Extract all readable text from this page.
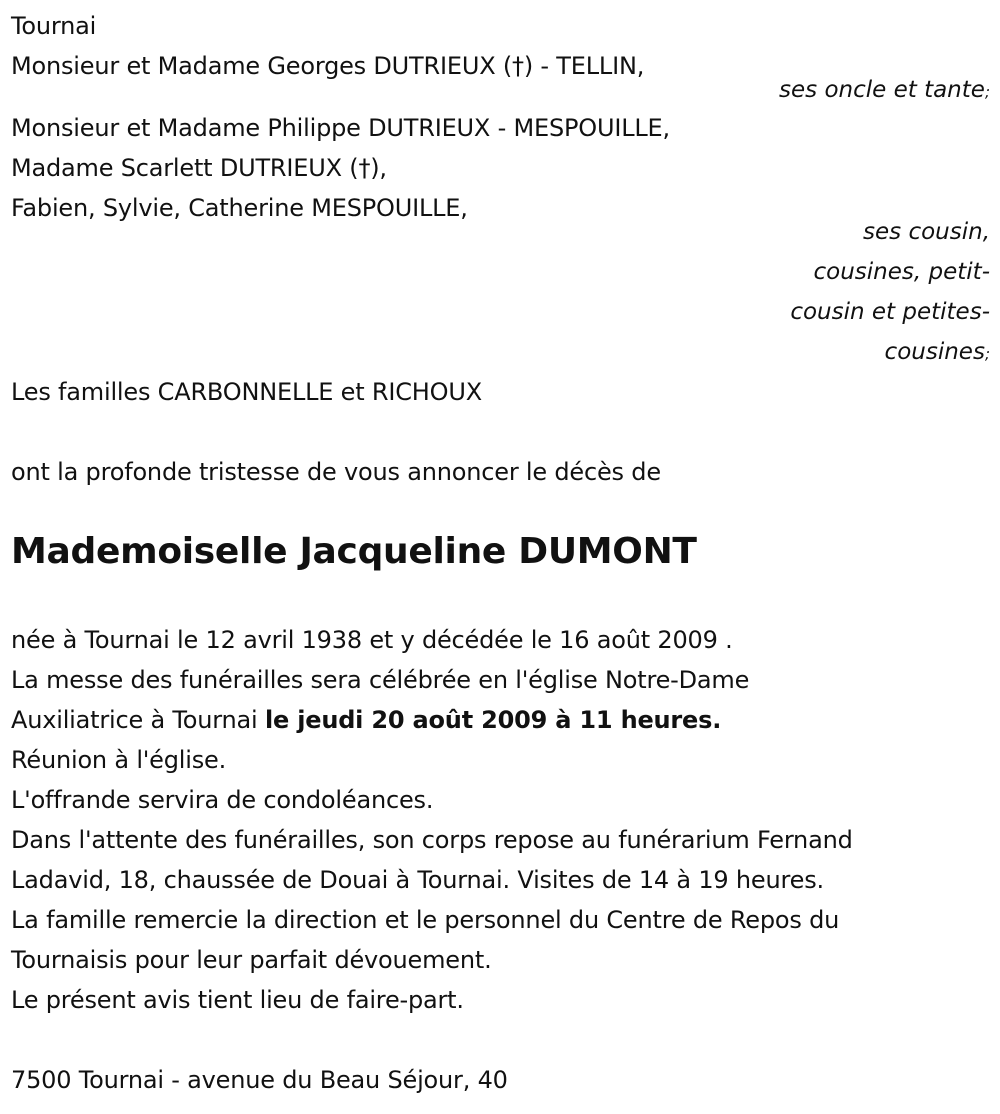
Tournai
Monsieur et Madame Georges DUTRIEUX (†) - TELLIN,
ses oncle et tante;
Monsieur et Madame Philippe DUTRIEUX - MESPOUILLE,
Madame Scarlett DUTRIEUX (†),
Fabien, Sylvie, Catherine MESPOUILLE,
ses cousin,
cousines, petit-
cousin et petites-
cousines;
Les familles CARBONNELLE et RICHOUX
ont la profonde tristesse de vous annoncer le décès de
Mademoiselle Jacqueline DUMONT
née à Tournai le 12 avril 1938 et y décédée le 16 août 2009 .
La messe des funérailles sera célébrée en l'église Notre-Dame
Auxiliatrice à Tournai le jeudi 20 août 2009 à 11 heures.
Réunion à l'église.
L'offrande servira de condoléances.
Dans l'attente des funérailles, son corps repose au funérarium Fernand
Ladavid, 18, chaussée de Douai à Tournai. Visites de 14 à 19 heures.
La famille remercie la direction et le personnel du Centre de Repos du
Tournaisis pour leur parfait dévouement.
Le présent avis tient lieu de faire-part.
7500 Tournai - avenue du Beau Séjour, 40
